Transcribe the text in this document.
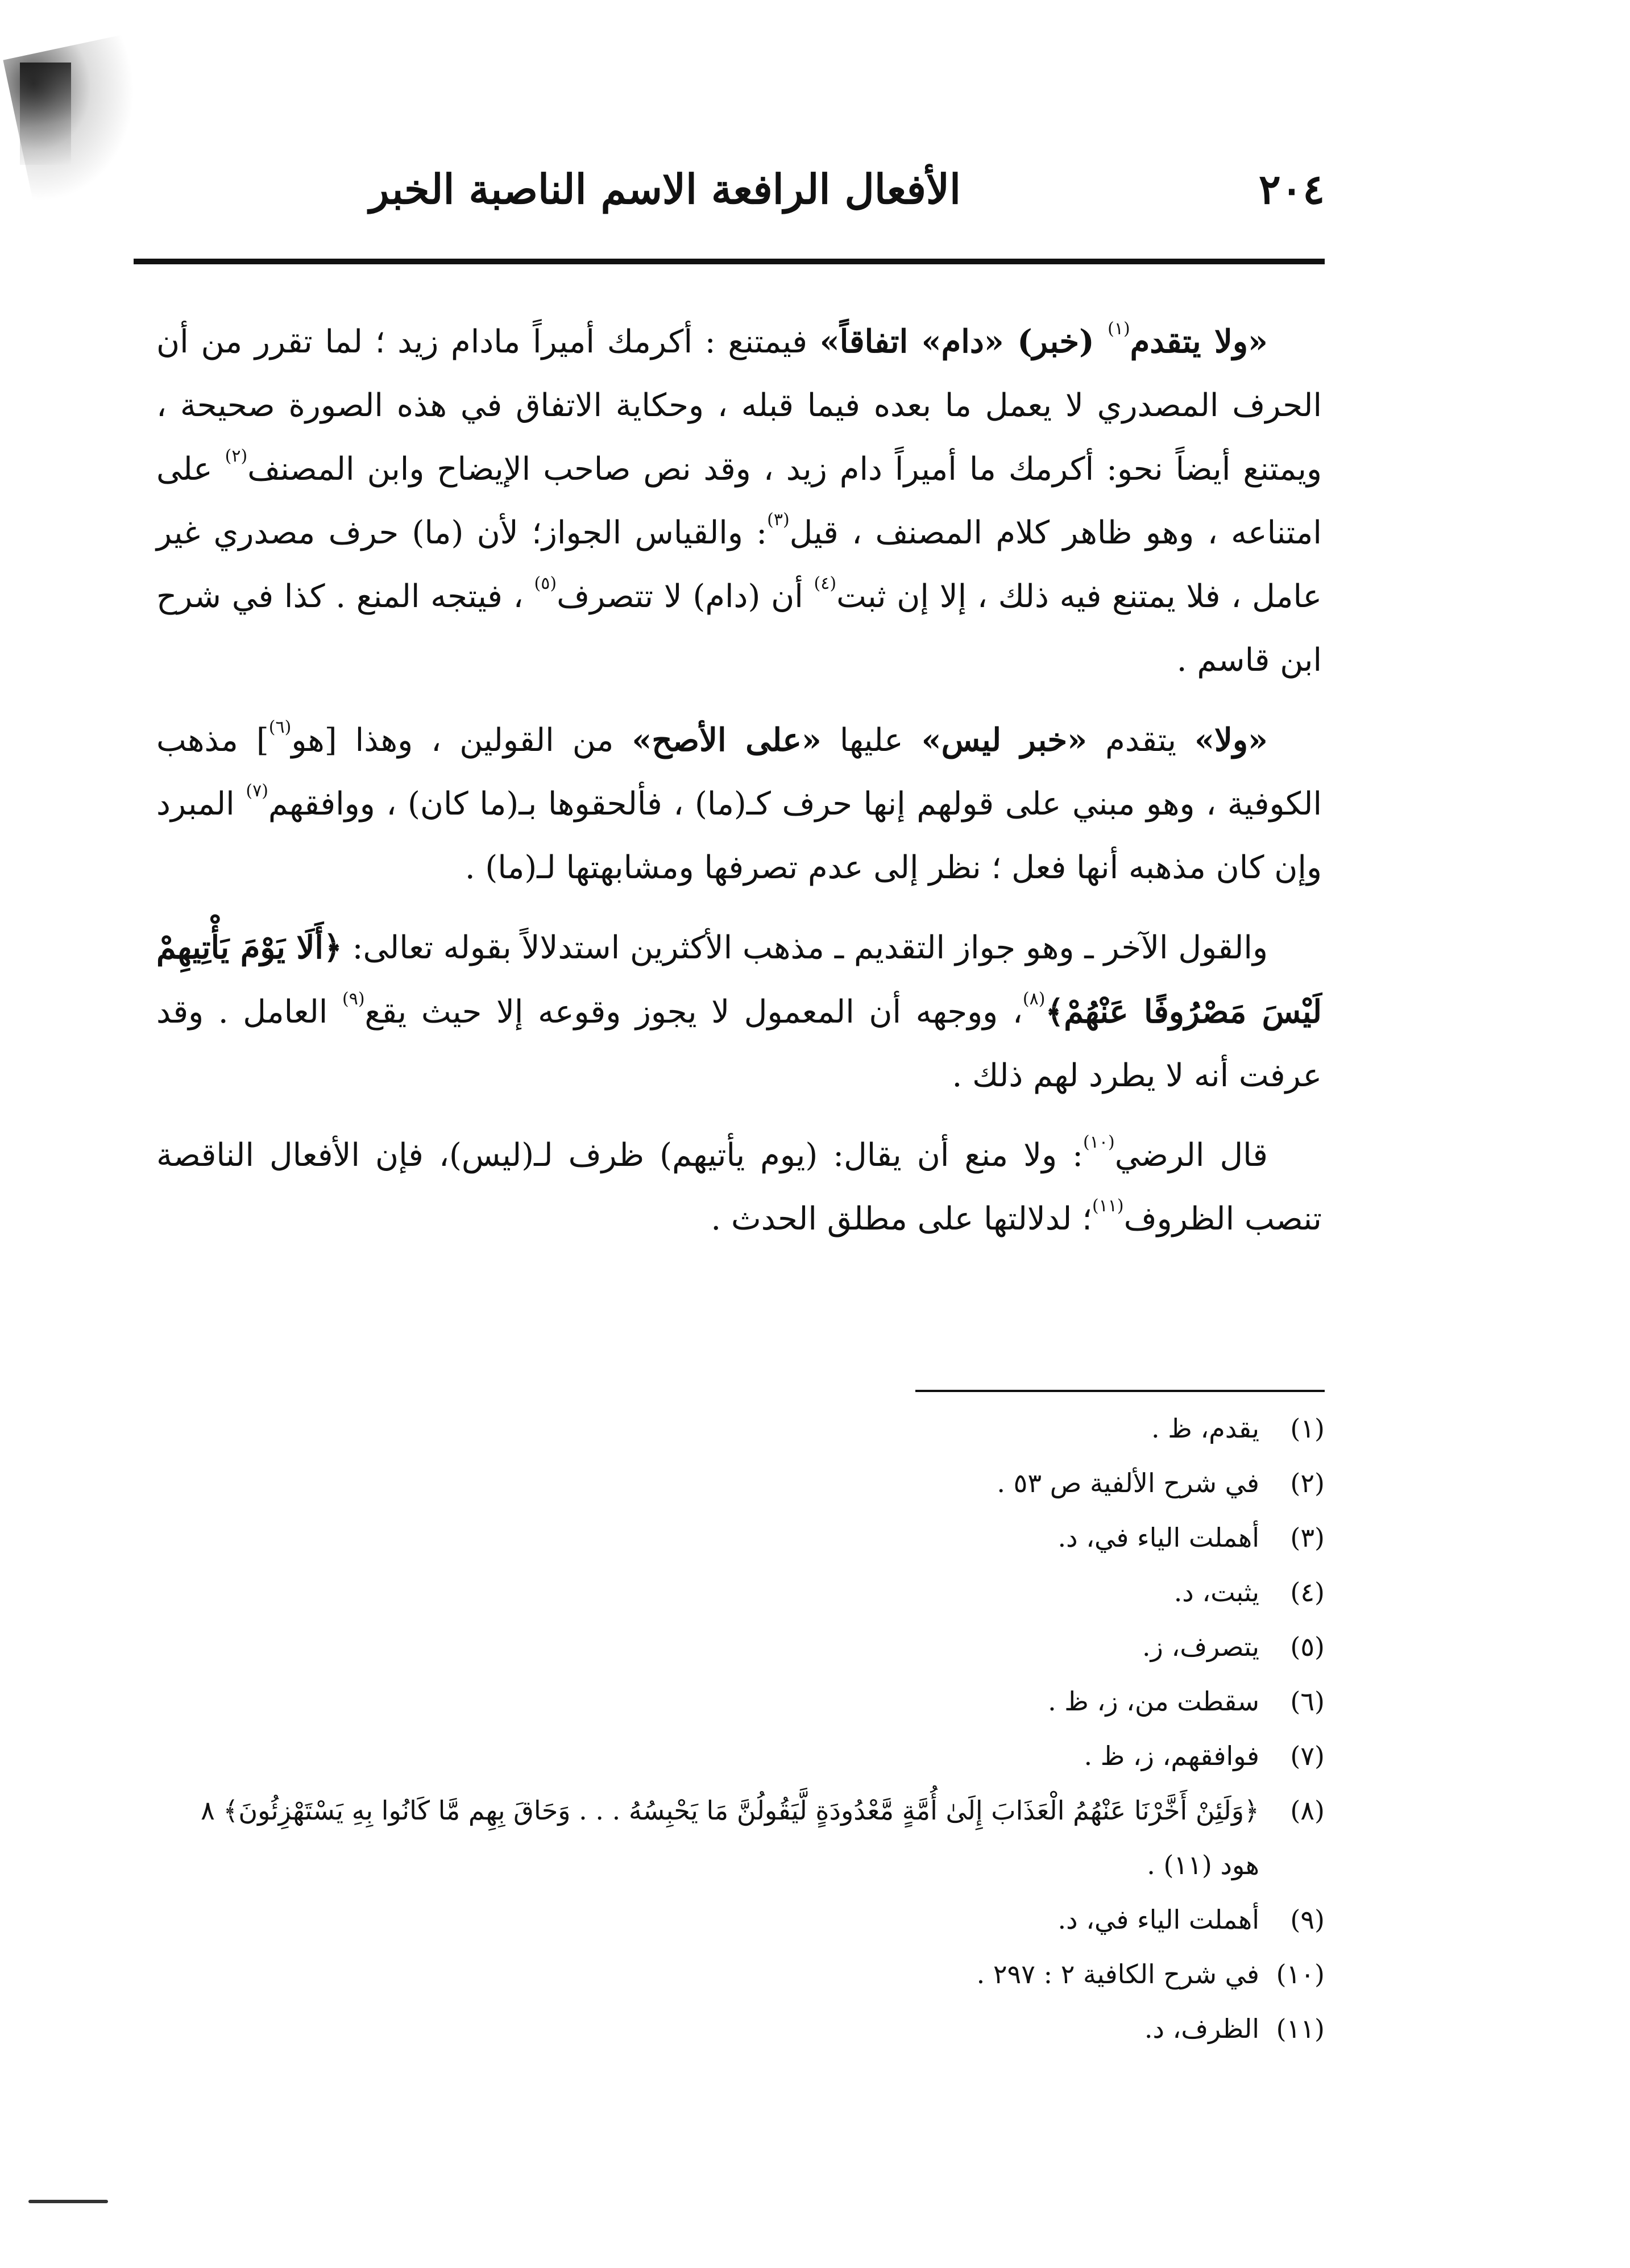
٢٠٤
الأفعال الرافعة الاسم الناصبة الخبر

«ولا يتقدم$^{(١)}$ (خبر) «دام» اتفاقاً» فيمتنع : أكرمك أميراً مادام زيد ؛ لما تقرر من أن الحرف المصدري لا يعمل ما بعده فيما قبله ، وحكاية الاتفاق في هذه الصورة صحيحة ، ويمتنع أيضاً نحو: أكرمك ما أميراً دام زيد ، وقد نص صاحب الإيضاح وابن المصنف$^{(٢)}$ على امتناعه ، وهو ظاهر كلام المصنف ، قيل$^{(٣)}$: والقياس الجواز؛ لأن (ما) حرف مصدري غير عامل ، فلا يمتنع فيه ذلك ، إلا إن ثبت$^{(٤)}$ أن (دام) لا تتصرف$^{(٥)}$ ، فيتجه المنع . كذا في شرح ابن قاسم .

«ولا» يتقدم «خبر ليس» عليها «على الأصح» من القولين ، وهذا [هو$^{(٦)}$] مذهب الكوفية ، وهو مبني على قولهم إنها حرف كـ(ما) ، فألحقوها بـ(ما كان) ، ووافقهم$^{(٧)}$ المبرد وإن كان مذهبه أنها فعل ؛ نظر إلى عدم تصرفها ومشابهتها لـ(ما) .

والقول الآخر ـ وهو جواز التقديم ـ مذهب الأكثرين استدلالاً بقوله تعالى: ﴿أَلَا يَوْمَ يَأْتِيهِمْ لَيْسَ مَصْرُوفًا عَنْهُمْ﴾$^{(٨)}$، ووجهه أن المعمول لا يجوز وقوعه إلا حيث يقع$^{(٩)}$ العامل . وقد عرفت أنه لا يطرد لهم ذلك .

قال الرضي$^{(١٠)}$: ولا منع أن يقال: (يوم يأتيهم) ظرف لـ(ليس)، فإن الأفعال الناقصة تنصب الظروف$^{(١١)}$؛ لدلالتها على مطلق الحدث .

(١)
يقدم، ظ .
(٢)
في شرح الألفية ص ٥٣ .
(٣)
أهملت الياء في، د.
(٤)
يثبت، د.
(٥)
يتصرف، ز.
(٦)
سقطت من، ز، ظ .
(٧)
فوافقهم، ز، ظ .
(٨)
﴿وَلَئِنْ أَخَّرْنَا عَنْهُمُ الْعَذَابَ إِلَىٰ أُمَّةٍ مَّعْدُودَةٍ لَّيَقُولُنَّ مَا يَحْبِسُهُ . . . وَحَاقَ بِهِم مَّا كَانُوا بِهِ يَسْتَهْزِئُونَ﴾ ٨ هود (١١) .
(٩)
أهملت الياء في، د.
(١٠)
في شرح الكافية ٢ : ٢٩٧ .
(١١)
الظرف، د.
